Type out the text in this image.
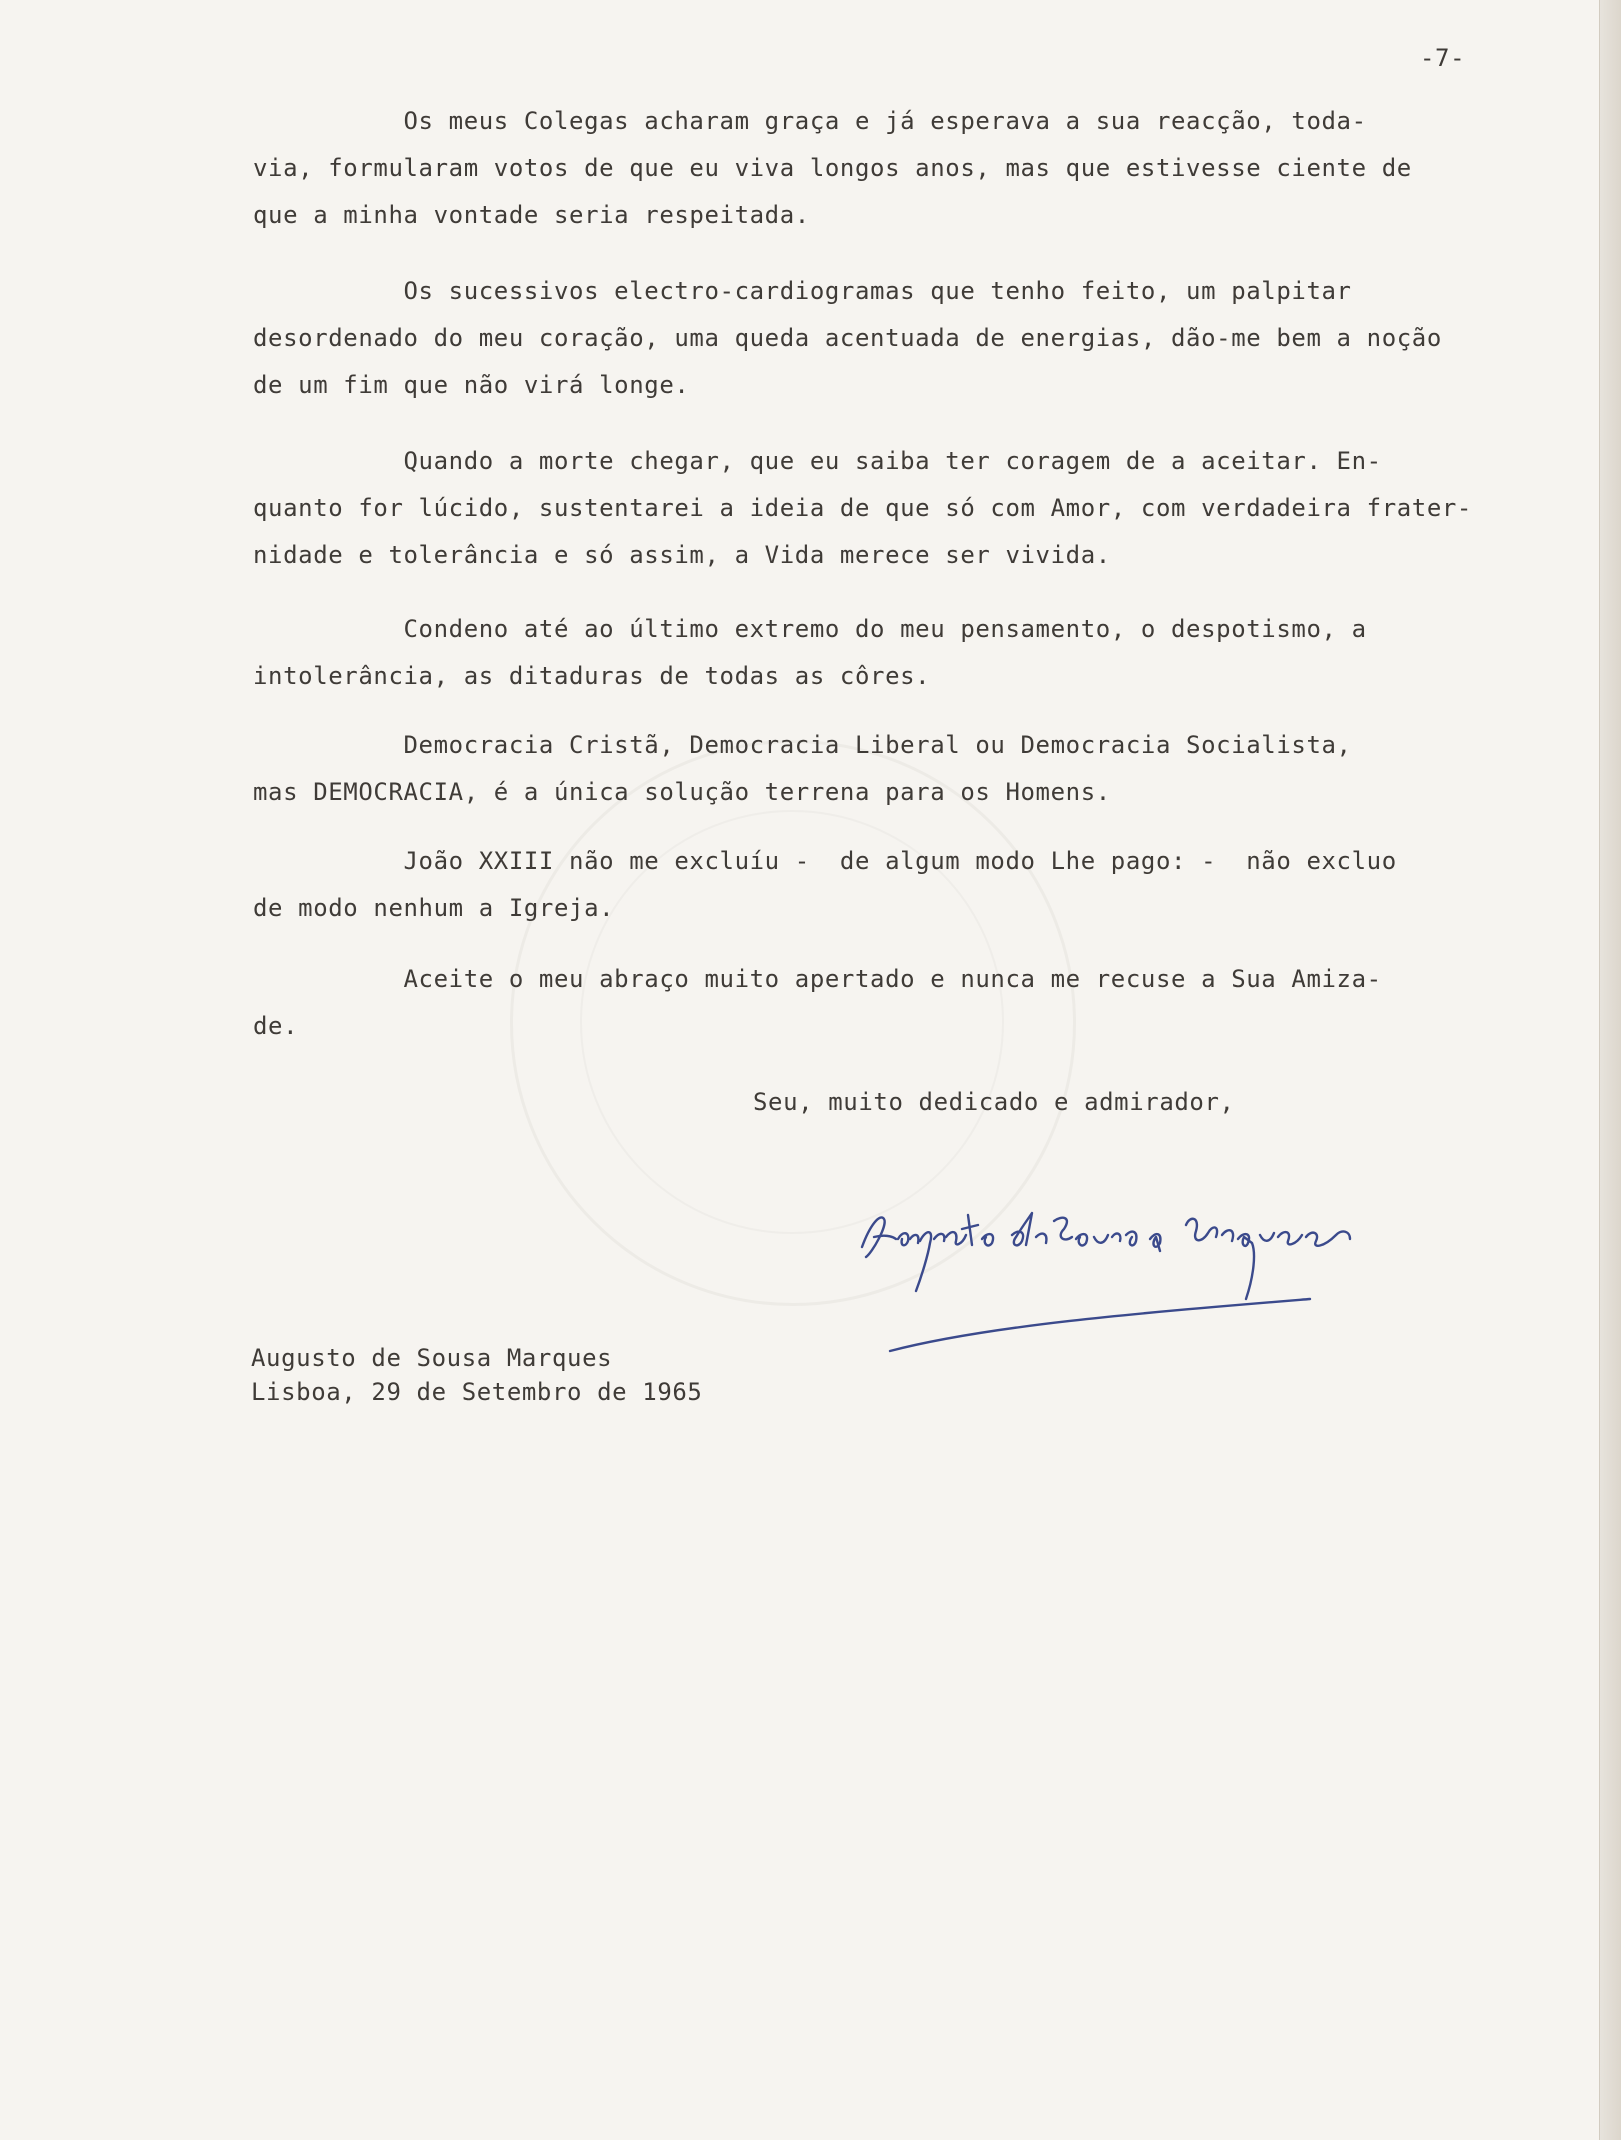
-7-

Os meus Colegas acharam graça e já esperava a sua reacção, toda-
via, formularam votos de que eu viva longos anos, mas que estivesse ciente de
que a minha vontade seria respeitada.

Os sucessivos electro-cardiogramas que tenho feito, um palpitar
desordenado do meu coração, uma queda acentuada de energias, dão-me bem a noção
de um fim que não virá longe.

Quando a morte chegar, que eu saiba ter coragem de a aceitar. En-
quanto for lúcido, sustentarei a ideia de que só com Amor, com verdadeira frater-
nidade e tolerância e só assim, a Vida merece ser vivida.

Condeno até ao último extremo do meu pensamento, o despotismo, a
intolerância, as ditaduras de todas as côres.

Democracia Cristã, Democracia Liberal ou Democracia Socialista,
mas DEMOCRACIA, é a única solução terrena para os Homens.

João XXIII não me excluíu -  de algum modo Lhe pago: -  não excluo
de modo nenhum a Igreja.

Aceite o meu abraço muito apertado e nunca me recuse a Sua Amiza-
de.

Seu, muito dedicado e admirador,

Augusto de Sousa Marques

Lisboa, 29 de Setembro de 1965
